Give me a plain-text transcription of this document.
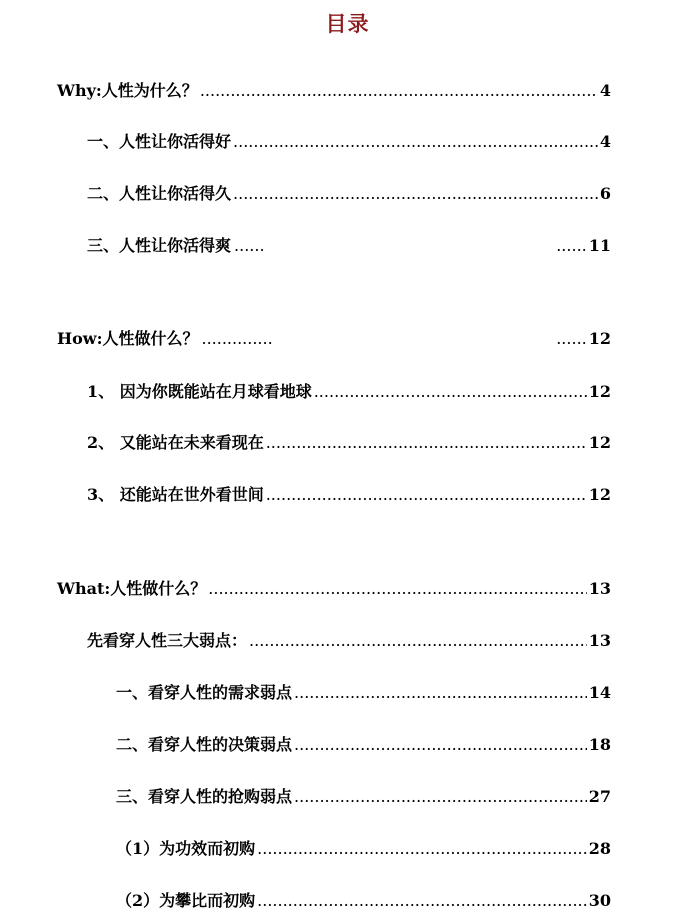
目录
Why:人性为什么？ .....	4
一、人性让你活得好 .....	4
二、人性让你活得久 .....	6
三、人性让你活得爽 ...... ......	11
How:人性做什么？ ..... ......	12
1、 因为你既能站在月球看地球 .....	12
2、 又能站在未来看现在 .....	12
3、 还能站在世外看世间 .....	12
What:人性做什么？ .....	13
先看穿人性三大弱点： .....	13
一、看穿人性的需求弱点 .....	14
二、看穿人性的决策弱点 .....	18
三、看穿人性的抢购弱点 .....	27
（1）为功效而初购 .....	28
（2）为攀比而初购 .....	30
